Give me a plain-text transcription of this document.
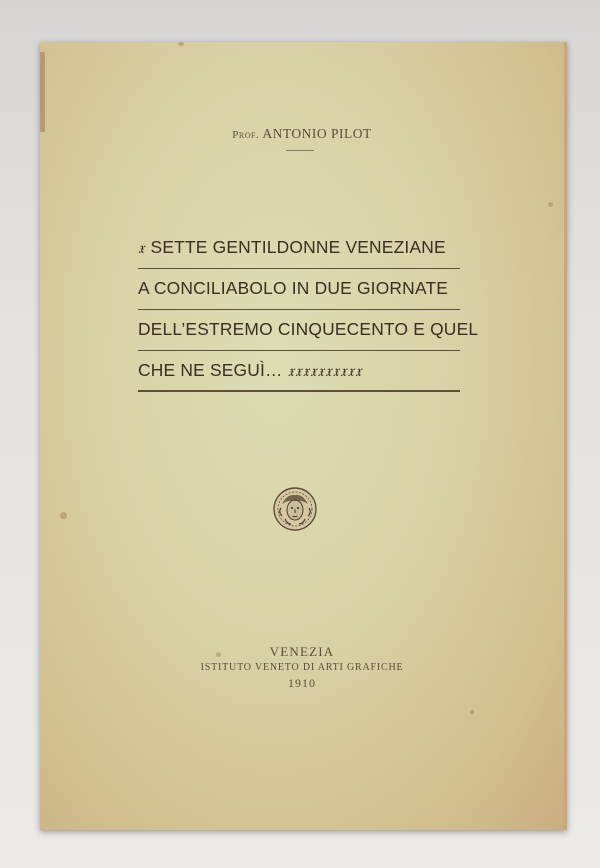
Prof. ANTONIO PILOT
𝔵 SETTE GENTILDONNE VENEZIANE
A CONCILIABOLO IN DUE GIORNATE
DELL’ESTREMO CINQUECENTO E QUEL
CHE NE SEGUÌ… 𝔵𝔵𝔵𝔵𝔵𝔵𝔵𝔵𝔵𝔵
VENEZIA
ISTITUTO VENETO DI ARTI GRAFICHE
1910
